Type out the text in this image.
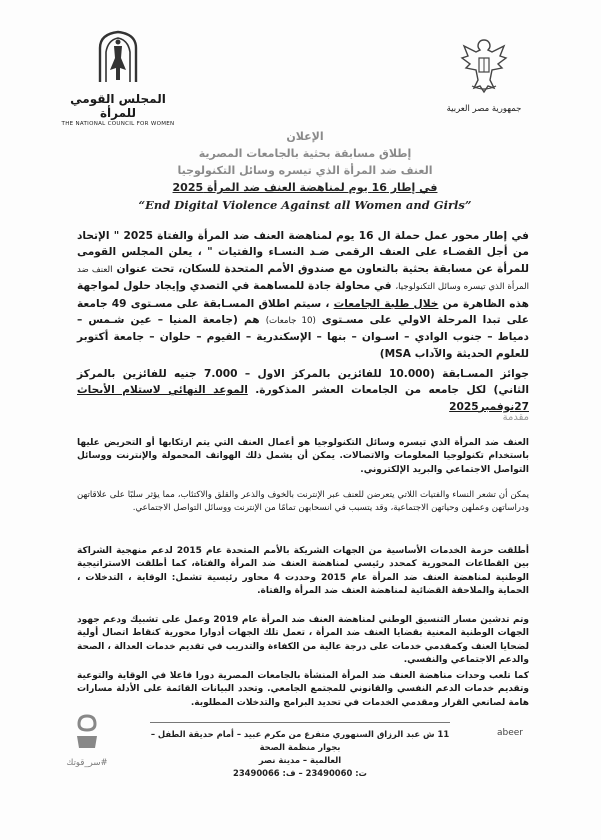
جمهورية مصر العربية
المجلس القومي للمرأة
THE NATIONAL COUNCIL FOR WOMEN
الإعلان
إطلاق مسابقة بحثية بالجامعات المصرية
العنف ضد المرأة الذي تيسره وسائل التكنولوجيا
في إطار 16 يوم لمناهضة العنف ضد المرأة 2025
“End Digital Violence Against all Women and Girls”
في إطار محور عمل حملة ال 16 يوم لمناهضة العنف ضد المرأة والفتاة 2025 " الإتحاد من أجل القضـاء على العنف الرقمى ضـد النسـاء والفتيات " ، يعلن المجلس القومى للمرأة عن مسابقة بحثية بالتعاون مع صندوق الأمم المتحدة للسكان، تحت عنوان العنف ضد المرأة الذي تيسره وسائل التكنولوجيا، في محاولة جادة للمساهمة في التصدي وإيجاد حلول لمواجهة هذه الظاهرة من خلال طلبة الجامعات ، سيتم اطلاق المسـابقة على مسـتوى 49 جامعة على تبدا المرحلة الاولي على مسـتوى (10 جامعات) هم (جامعة المنيا – عين شـمس – دمياط – جنوب الوادي – اسـوان – بنها – الإسكندرية – الفيوم – حلوان – جامعة أكتوبر للعلوم الحديثة والآداب MSA)
جوائز المسـابقة (10.000 للفائزين بالمركز الاول – 7.000 جنيه للفائزين بالمركز الثاني) لكل جامعه من الجامعات العشر المذكورة. الموعد النهائي لاستلام الأبحاث 27نوفمبر2025
مقدمة
العنف ضد المرأة الذي تيسره وسائل التكنولوجيا هو أعمال العنف التي يتم ارتكابها أو التحريض عليها باستخدام تكنولوجيا المعلومات والاتصالات. يمكن أن يشمل ذلك الهواتف المحمولة والإنترنت ووسائل التواصل الاجتماعي والبريد الإلكتروني.
يمكن أن تشعر النساء والفتيات اللاتي يتعرضن للعنف عبر الإنترنت بالخوف والذعر والقلق والاكتئاب، مما يؤثر سلبًا على علاقاتهن ودراساتهن وعملهن وحياتهن الاجتماعية، وقد يتسبب في انسحابهن تمامًا من الإنترنت ووسائل التواصل الاجتماعي.
أطلقت حزمة الخدمات الأساسية من الجهات الشريكة بالأمم المتحدة عام 2015 لدعم منهجية الشراكة بين القطاعات المحورية كمحدد رئيسي لمناهضة العنف ضد المرأة والفتاة، كما أطلقت الاستراتيجية الوطنية لمناهضة العنف ضد المرأة عام 2015 وحددت 4 محاور رئيسية تشمل: الوقاية ، التدخلات ، الحماية والملاحقة القضائية لمناهضة العنف ضد المرأة والفتاة.
وتم تدشين مسار التنسيق الوطني لمناهضة العنف ضد المرأة عام 2019 وعمل على تشبيك ودعم جهود الجهات الوطنية المعنية بقضايا العنف ضد المرأة ، تعمل تلك الجهات أدوارا محورية كنقاط اتصال أولية لضحايا العنف وكمقدمي خدمات على درجة عالية من الكفاءة والتدريب في تقديم خدمات العدالة ، الصحة والدعم الاجتماعي والنفسي.
كما تلعب وحدات مناهضة العنف ضد المرأة المنشأة بالجامعات المصرية دورا فاعلا في الوقاية والتوعية وتقديم خدمات الدعم النفسي والقانوني للمجتمع الجامعي. وتحدد البيانات القائمة على الأدلة مسارات هامة لصانعي القرار ومقدمي الخدمات في تحديد البرامج والتدخلات المطلوبة.
11 ش عبد الرزاق السنهوري متفرع من مكرم عبيد – أمام حديقة الطفل – بجوار منظمة الصحة
العالمية – مدينة نصر
ت: 23490060 – ف: 23490066
abeer
#سر_قوتك
